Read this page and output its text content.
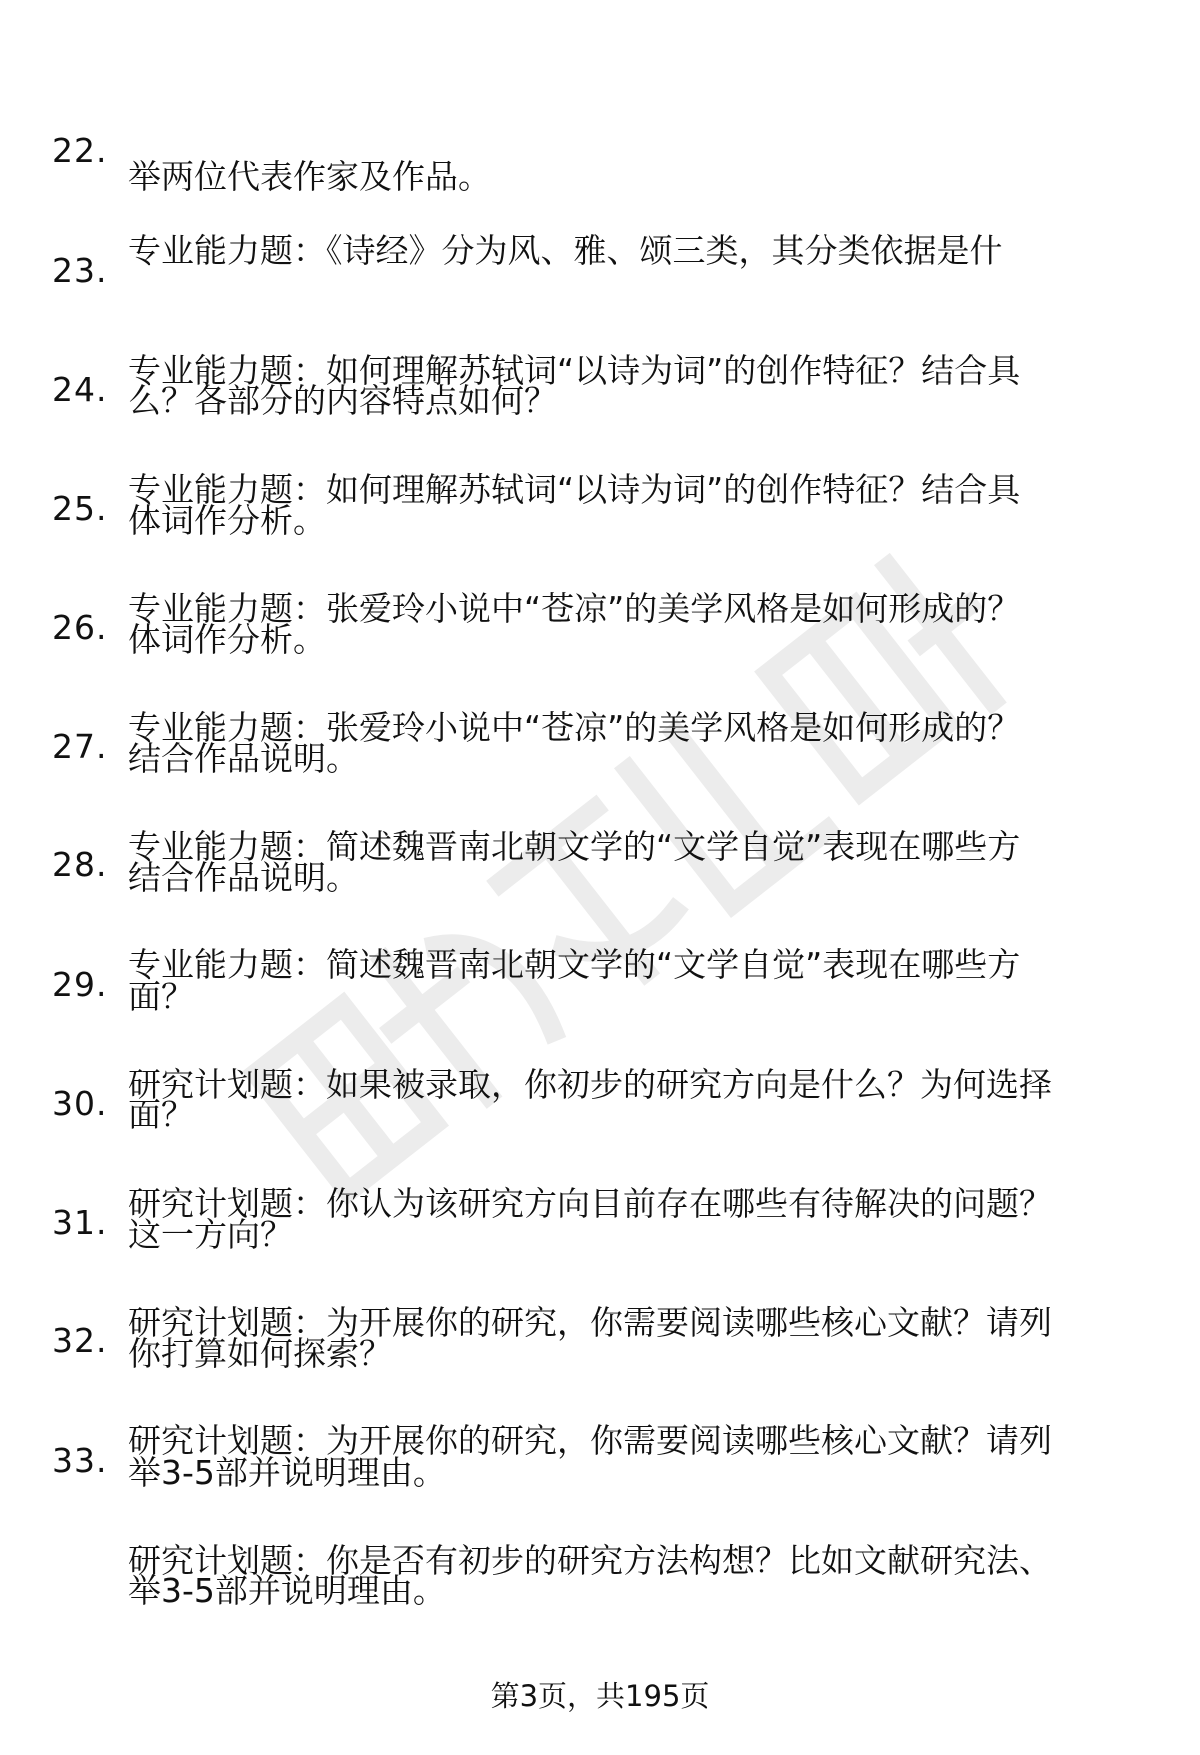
举两位代表作家及作品。

22.

专业能力题：《诗经》分为风、雅、颂三类，其分类依据是什

么？各部分的内容特点如何？

23.

专业能力题：如何理解苏轼词“以诗为词”的创作特征？结合具

体词作分析。

24.

专业能力题：如何理解苏轼词“以诗为词”的创作特征？结合具

体词作分析。

25.

专业能力题：张爱玲小说中“苍凉”的美学风格是如何形成的？

结合作品说明。

26.

专业能力题：张爱玲小说中“苍凉”的美学风格是如何形成的？

结合作品说明。

27.

专业能力题：简述魏晋南北朝文学的“文学自觉”表现在哪些方

面？

28.

专业能力题：简述魏晋南北朝文学的“文学自觉”表现在哪些方

面？

29.

研究计划题：如果被录取，你初步的研究方向是什么？为何选择

这一方向？

30.

研究计划题：你认为该研究方向目前存在哪些有待解决的问题？

你打算如何探索？

31.

研究计划题：为开展你的研究，你需要阅读哪些核心文献？请列

举3-5部并说明理由。

32.

研究计划题：为开展你的研究，你需要阅读哪些核心文献？请列

举3-5部并说明理由。

33.

研究计划题：你是否有初步的研究方法构想？比如文献研究法、

第3页，共195页
